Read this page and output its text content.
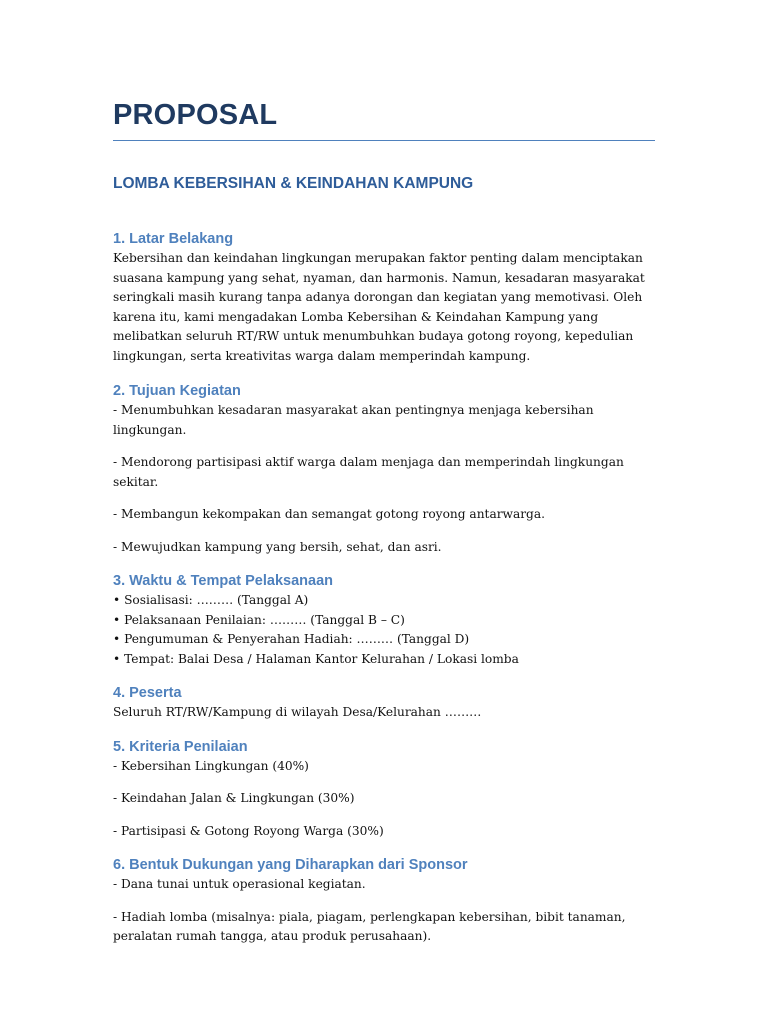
PROPOSAL
LOMBA KEBERSIHAN & KEINDAHAN KAMPUNG
1. Latar Belakang

Kebersihan dan keindahan lingkungan merupakan faktor penting dalam menciptakan suasana kampung yang sehat, nyaman, dan harmonis. Namun, kesadaran masyarakat seringkali masih kurang tanpa adanya dorongan dan kegiatan yang memotivasi. Oleh karena itu, kami mengadakan Lomba Kebersihan & Keindahan Kampung yang melibatkan seluruh RT/RW untuk menumbuhkan budaya gotong royong, kepedulian lingkungan, serta kreativitas warga dalam memperindah kampung.

2. Tujuan Kegiatan

- Menumbuhkan kesadaran masyarakat akan pentingnya menjaga kebersihan lingkungan.

- Mendorong partisipasi aktif warga dalam menjaga dan memperindah lingkungan sekitar.

- Membangun kekompakan dan semangat gotong royong antarwarga.

- Mewujudkan kampung yang bersih, sehat, dan asri.

3. Waktu & Tempat Pelaksanaan

• Sosialisasi: ……… (Tanggal A)

• Pelaksanaan Penilaian: ……… (Tanggal B – C)

• Pengumuman & Penyerahan Hadiah: ……… (Tanggal D)

• Tempat: Balai Desa / Halaman Kantor Kelurahan / Lokasi lomba

4. Peserta

Seluruh RT/RW/Kampung di wilayah Desa/Kelurahan ………

5. Kriteria Penilaian

- Kebersihan Lingkungan (40%)

- Keindahan Jalan & Lingkungan (30%)

- Partisipasi & Gotong Royong Warga (30%)

6. Bentuk Dukungan yang Diharapkan dari Sponsor

- Dana tunai untuk operasional kegiatan.

- Hadiah lomba (misalnya: piala, piagam, perlengkapan kebersihan, bibit tanaman, peralatan rumah tangga, atau produk perusahaan).
